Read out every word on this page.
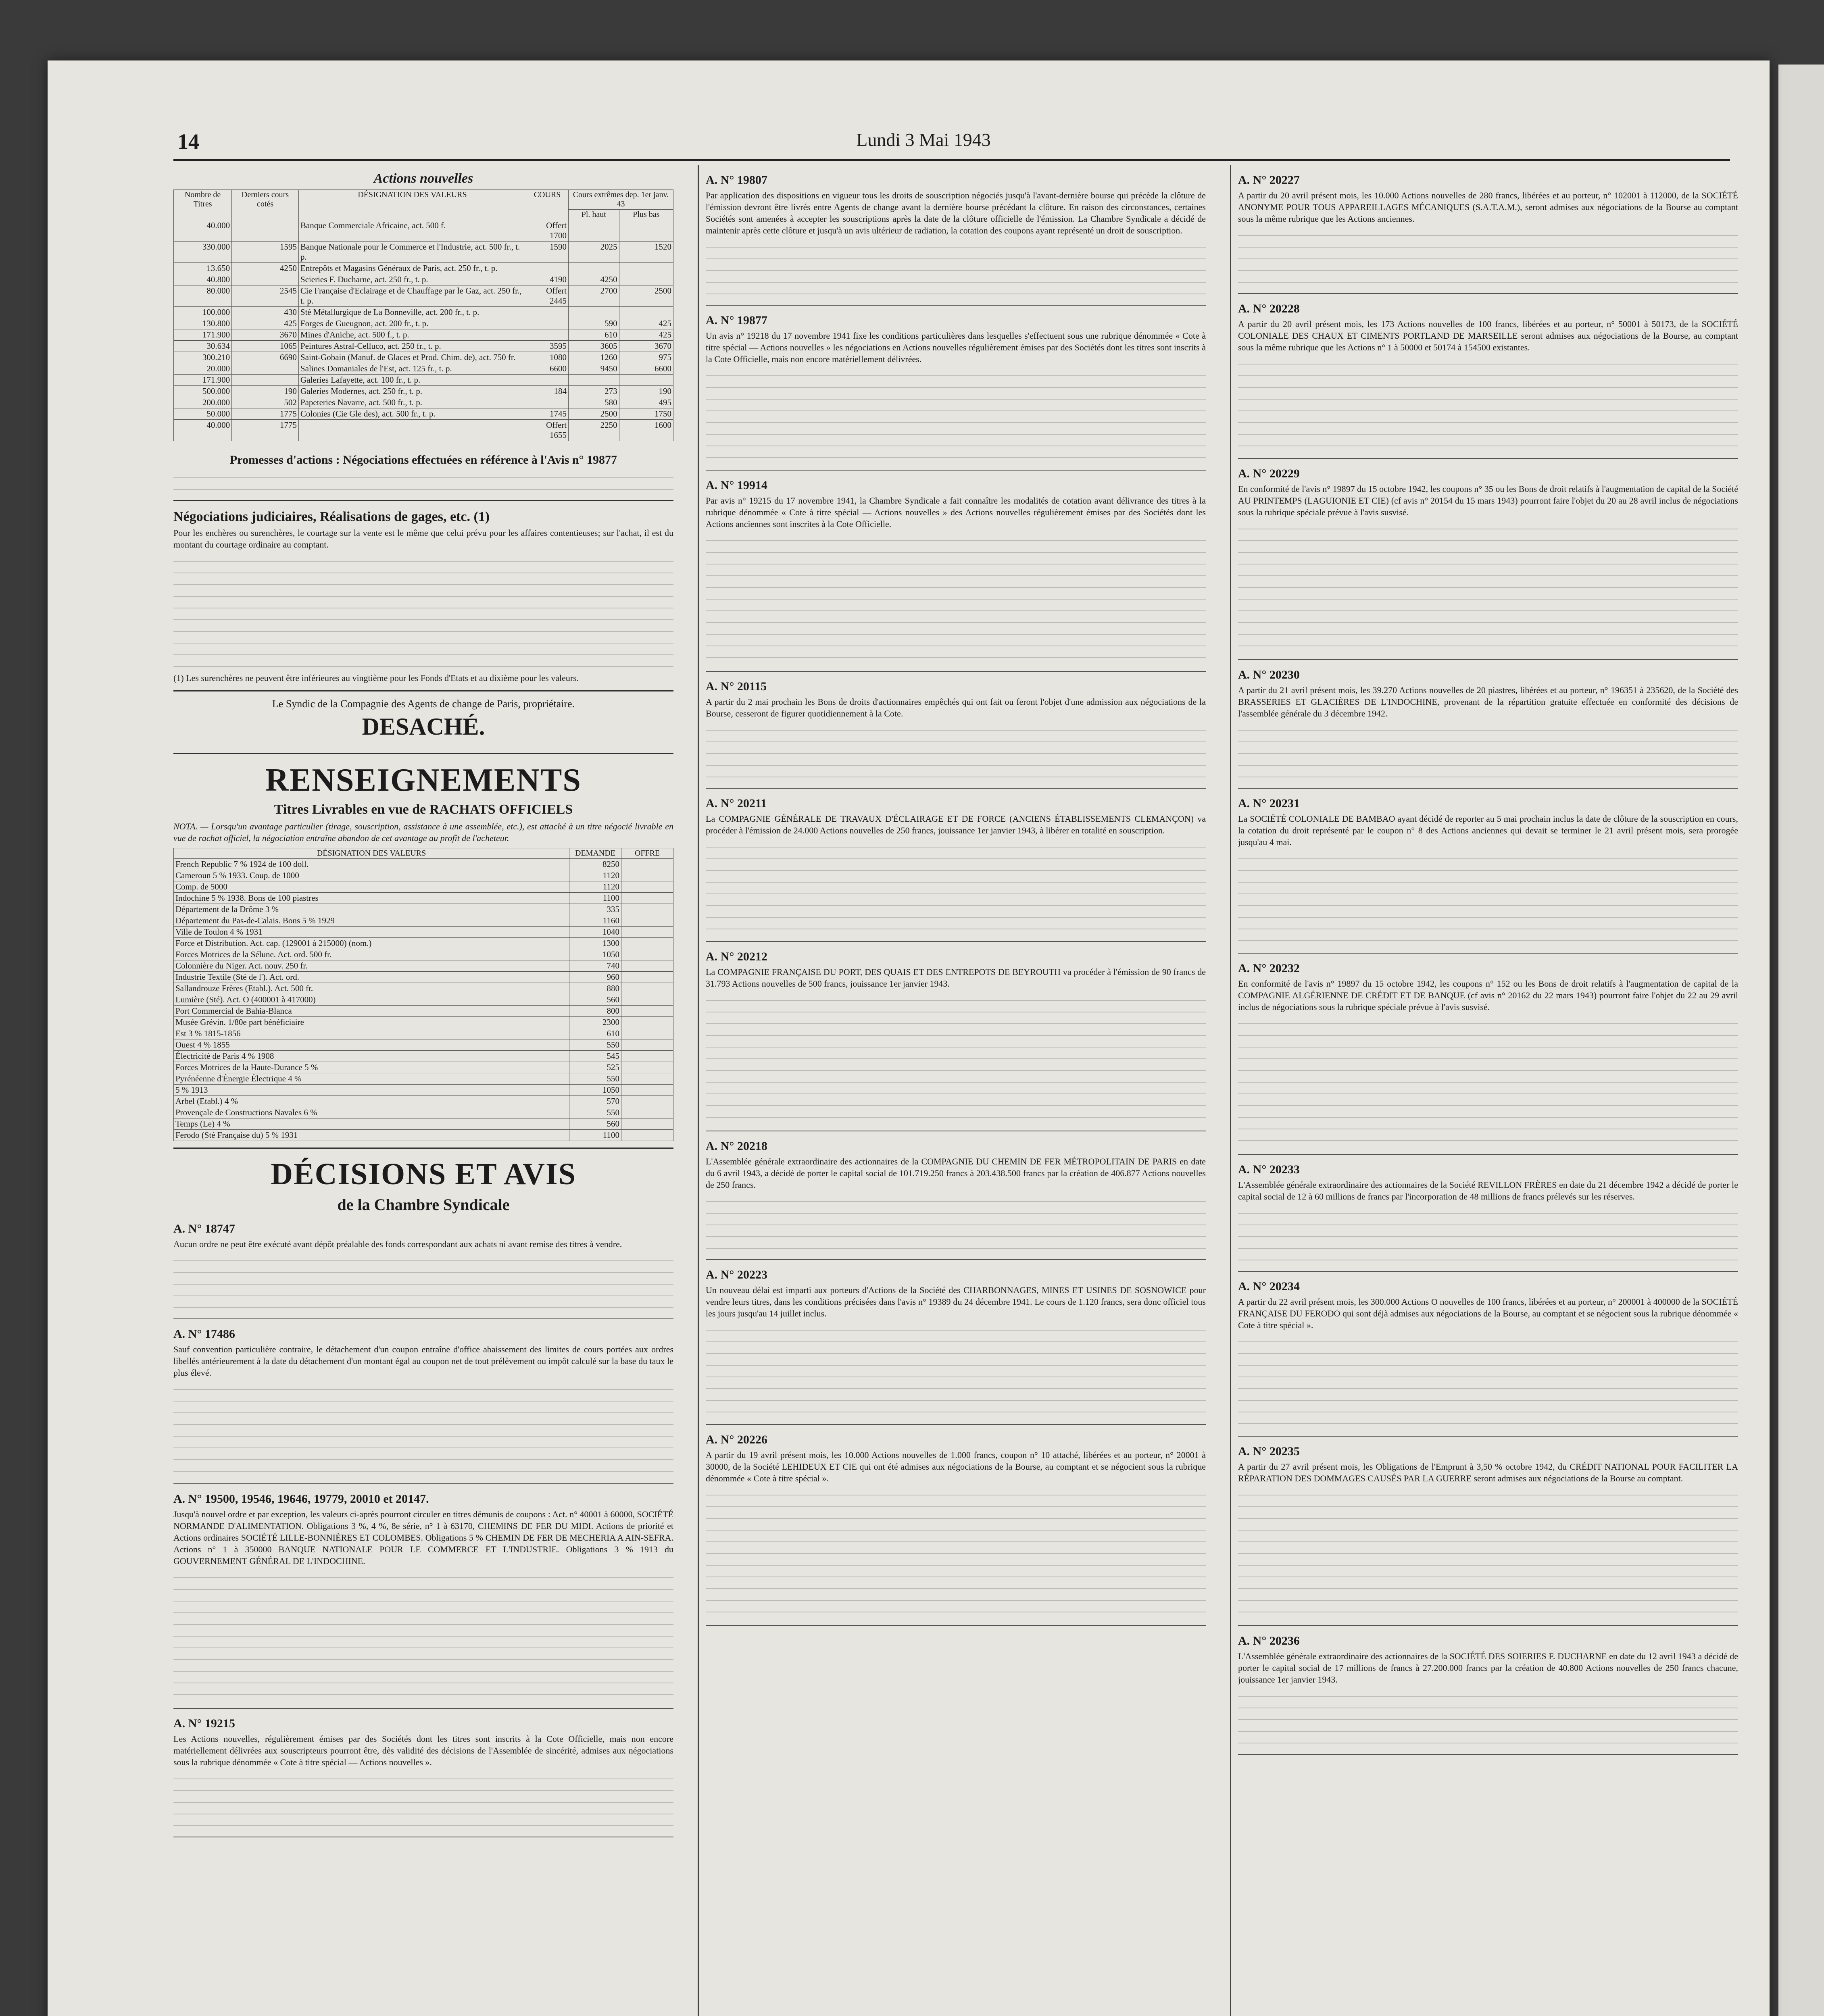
14	Lundi 3 Mai 1943
Actions nouvelles
Nombre de Titres	Derniers cours cotés	DÉSIGNATION DES VALEURS	COURS	Cours extrêmes dep. 1er janv. 43	
				Pl. haut	Plus bas
40.000		Banque Commerciale Africaine, act. 500 f.	Offert 1700		
330.000	1595	Banque Nationale pour le Commerce et l'Industrie, act. 500 fr., t. p.	1590	2025	1520
13.650	4250	Entrepôts et Magasins Généraux de Paris, act. 250 fr., t. p.			
40.800		Scieries F. Ducharne, act. 250 fr., t. p.	4190	4250	
80.000	2545	Cie Française d'Eclairage et de Chauffage par le Gaz, act. 250 fr., t. p.	Offert 2445	2700	2500
100.000	430	Sté Métallurgique de La Bonneville, act. 200 fr., t. p.			
130.800	425	Forges de Gueugnon, act. 200 fr., t. p.		590	425
171.900	3670	Mines d'Aniche, act. 500 f., t. p.		610	425
30.634	1065	Peintures Astral-Celluco, act. 250 fr., t. p.	3595	3605	3670
300.210	6690	Saint-Gobain (Manuf. de Glaces et Prod. Chim. de), act. 750 fr.	1080	1260	975
20.000		Salines Domaniales de l'Est, act. 125 fr., t. p.	6600	9450	6600
171.900		Galeries Lafayette, act. 100 fr., t. p.			
500.000	190	Galeries Modernes, act. 250 fr., t. p.	184	273	190
200.000	502	Papeteries Navarre, act. 500 fr., t. p.		580	495
50.000	1775	Colonies (Cie Gle des), act. 500 fr., t. p.	1745	2500	1750
40.000	1775		Offert 1655	2250	1600
Promesses d'actions : Négociations effectuées en référence à l'Avis n° 19877
Négociations judiciaires, Réalisations de gages, etc. (1)
Pour les enchères ou surenchères, le courtage sur la vente est le même que celui prévu pour les affaires contentieuses; sur l'achat, il est du montant du courtage ordinaire au comptant.
(1) Les surenchères ne peuvent être inférieures au vingtième pour les Fonds d'Etats et au dixième pour les valeurs.
Le Syndic de la Compagnie des Agents de change de Paris, propriétaire.
DESACHÉ.
RENSEIGNEMENTS
Titres Livrables en vue de RACHATS OFFICIELS
NOTA. — Lorsqu'un avantage particulier (tirage, souscription, assistance à une assemblée, etc.), est attaché à un titre négocié livrable en vue de rachat officiel, la négociation entraîne abandon de cet avantage au profit de l'acheteur.
DÉSIGNATION DES VALEURS	DEMANDE	OFFRE
French Republic 7 % 1924 de 100 doll.	8250	
Cameroun 5 % 1933. Coup. de 1000	1120	
Comp. de 5000	1120	
Indochine 5 % 1938. Bons de 100 piastres	1100	
Département de la Drôme 3 %	335	
Département du Pas-de-Calais. Bons 5 % 1929	1160	
Ville de Toulon 4 % 1931	1040	
Force et Distribution. Act. cap. (129001 à 215000) (nom.)	1300	
Forces Motrices de la Sélune. Act. ord. 500 fr.	1050	
Colonnière du Niger. Act. nouv. 250 fr.	740	
Industrie Textile (Sté de l'). Act. ord.	960	
Sallandrouze Frères (Etabl.). Act. 500 fr.	880	
Lumière (Sté). Act. O (400001 à 417000)	560	
Port Commercial de Bahia-Blanca	800	
Musée Grévin. 1/80e part bénéficiaire	2300	
Est 3 % 1815-1856	610	
Ouest 4 % 1855	550	
Électricité de Paris 4 % 1908	545	
Forces Motrices de la Haute-Durance 5 %	525	
Pyrénéenne d'Énergie Électrique 4 %	550	
5 % 1913	1050	
Arbel (Etabl.) 4 %	570	
Provençale de Constructions Navales 6 %	550	
Temps (Le) 4 %	560	
Ferodo (Sté Française du) 5 % 1931	1100	
DÉCISIONS ET AVIS
de la Chambre Syndicale
A. N° 18747
Aucun ordre ne peut être exécuté avant dépôt préalable des fonds correspondant aux achats ni avant remise des titres à vendre.
A. N° 17486
Sauf convention particulière contraire, le détachement d'un coupon entraîne d'office abaissement des limites de cours portées aux ordres libellés antérieurement à la date du détachement d'un montant égal au coupon net de tout prélèvement ou impôt calculé sur la base du taux le plus élevé.
A. N° 19500, 19546, 19646, 19779, 20010 et 20147.
Jusqu'à nouvel ordre et par exception, les valeurs ci-après pourront circuler en titres démunis de coupons : Act. n° 40001 à 60000, SOCIÉTÉ NORMANDE D'ALIMENTATION. Obligations 3 %, 4 %, 8e série, n° 1 à 63170, CHEMINS DE FER DU MIDI. Actions de priorité et Actions ordinaires SOCIÉTÉ LILLE-BONNIÈRES ET COLOMBES. Obligations 5 % CHEMIN DE FER DE MECHERIA A AIN-SEFRA. Actions n° 1 à 350000 BANQUE NATIONALE POUR LE COMMERCE ET L'INDUSTRIE. Obligations 3 % 1913 du GOUVERNEMENT GÉNÉRAL DE L'INDOCHINE.
A. N° 19215
Les Actions nouvelles, régulièrement émises par des Sociétés dont les titres sont inscrits à la Cote Officielle, mais non encore matériellement délivrées aux souscripteurs pourront être, dès validité des décisions de l'Assemblée de sincérité, admises aux négociations sous la rubrique dénommée « Cote à titre spécial — Actions nouvelles ».
A. N° 19807
Par application des dispositions en vigueur tous les droits de souscription négociés jusqu'à l'avant-dernière bourse qui précède la clôture de l'émission devront être livrés entre Agents de change avant la dernière bourse précédant la clôture. En raison des circonstances, certaines Sociétés sont amenées à accepter les souscriptions après la date de la clôture officielle de l'émission. La Chambre Syndicale a décidé de maintenir après cette clôture et jusqu'à un avis ultérieur de radiation, la cotation des coupons ayant représenté un droit de souscription.
A. N° 19877
Un avis n° 19218 du 17 novembre 1941 fixe les conditions particulières dans lesquelles s'effectuent sous une rubrique dénommée « Cote à titre spécial — Actions nouvelles » les négociations en Actions nouvelles régulièrement émises par des Sociétés dont les titres sont inscrits à la Cote Officielle, mais non encore matériellement délivrées.
A. N° 19914
Par avis n° 19215 du 17 novembre 1941, la Chambre Syndicale a fait connaître les modalités de cotation avant délivrance des titres à la rubrique dénommée « Cote à titre spécial — Actions nouvelles » des Actions nouvelles régulièrement émises par des Sociétés dont les Actions anciennes sont inscrites à la Cote Officielle.
A. N° 20115
A partir du 2 mai prochain les Bons de droits d'actionnaires empêchés qui ont fait ou feront l'objet d'une admission aux négociations de la Bourse, cesseront de figurer quotidiennement à la Cote.
A. N° 20211
La COMPAGNIE GÉNÉRALE DE TRAVAUX D'ÉCLAIRAGE ET DE FORCE (ANCIENS ÉTABLISSEMENTS CLEMANÇON) va procéder à l'émission de 24.000 Actions nouvelles de 250 francs, jouissance 1er janvier 1943, à libérer en totalité en souscription.
A. N° 20212
La COMPAGNIE FRANÇAISE DU PORT, DES QUAIS ET DES ENTREPOTS DE BEYROUTH va procéder à l'émission de 90 francs de 31.793 Actions nouvelles de 500 francs, jouissance 1er janvier 1943.
A. N° 20218
L'Assemblée générale extraordinaire des actionnaires de la COMPAGNIE DU CHEMIN DE FER MÉTROPOLITAIN DE PARIS en date du 6 avril 1943, a décidé de porter le capital social de 101.719.250 francs à 203.438.500 francs par la création de 406.877 Actions nouvelles de 250 francs.
A. N° 20223
Un nouveau délai est imparti aux porteurs d'Actions de la Société des CHARBONNAGES, MINES ET USINES DE SOSNOWICE pour vendre leurs titres, dans les conditions précisées dans l'avis n° 19389 du 24 décembre 1941. Le cours de 1.120 francs, sera donc officiel tous les jours jusqu'au 14 juillet inclus.
A. N° 20226
A partir du 19 avril présent mois, les 10.000 Actions nouvelles de 1.000 francs, coupon n° 10 attaché, libérées et au porteur, n° 20001 à 30000, de la Société LEHIDEUX ET CIE qui ont été admises aux négociations de la Bourse, au comptant et se négocient sous la rubrique dénommée « Cote à titre spécial ».
A. N° 20227
A partir du 20 avril présent mois, les 10.000 Actions nouvelles de 280 francs, libérées et au porteur, n° 102001 à 112000, de la SOCIÉTÉ ANONYME POUR TOUS APPAREILLAGES MÉCANIQUES (S.A.T.A.M.), seront admises aux négociations de la Bourse au comptant sous la même rubrique que les Actions anciennes.
A. N° 20228
A partir du 20 avril présent mois, les 173 Actions nouvelles de 100 francs, libérées et au porteur, n° 50001 à 50173, de la SOCIÉTÉ COLONIALE DES CHAUX ET CIMENTS PORTLAND DE MARSEILLE seront admises aux négociations de la Bourse, au comptant sous la même rubrique que les Actions n° 1 à 50000 et 50174 à 154500 existantes.
A. N° 20229
En conformité de l'avis n° 19897 du 15 octobre 1942, les coupons n° 35 ou les Bons de droit relatifs à l'augmentation de capital de la Société AU PRINTEMPS (LAGUIONIE ET CIE) (cf avis n° 20154 du 15 mars 1943) pourront faire l'objet du 20 au 28 avril inclus de négociations sous la rubrique spéciale prévue à l'avis susvisé.
A. N° 20230
A partir du 21 avril présent mois, les 39.270 Actions nouvelles de 20 piastres, libérées et au porteur, n° 196351 à 235620, de la Société des BRASSERIES ET GLACIÈRES DE L'INDOCHINE, provenant de la répartition gratuite effectuée en conformité des décisions de l'assemblée générale du 3 décembre 1942.
A. N° 20231
La SOCIÉTÉ COLONIALE DE BAMBAO ayant décidé de reporter au 5 mai prochain inclus la date de clôture de la souscription en cours, la cotation du droit représenté par le coupon n° 8 des Actions anciennes qui devait se terminer le 21 avril présent mois, sera prorogée jusqu'au 4 mai.
A. N° 20232
En conformité de l'avis n° 19897 du 15 octobre 1942, les coupons n° 152 ou les Bons de droit relatifs à l'augmentation de capital de la COMPAGNIE ALGÉRIENNE DE CRÉDIT ET DE BANQUE (cf avis n° 20162 du 22 mars 1943) pourront faire l'objet du 22 au 29 avril inclus de négociations sous la rubrique spéciale prévue à l'avis susvisé.
A. N° 20233
L'Assemblée générale extraordinaire des actionnaires de la Société REVILLON FRÈRES en date du 21 décembre 1942 a décidé de porter le capital social de 12 à 60 millions de francs par l'incorporation de 48 millions de francs prélevés sur les réserves.
A. N° 20234
A partir du 22 avril présent mois, les 300.000 Actions O nouvelles de 100 francs, libérées et au porteur, n° 200001 à 400000 de la SOCIÉTÉ FRANÇAISE DU FERODO qui sont déjà admises aux négociations de la Bourse, au comptant et se négocient sous la rubrique dénommée « Cote à titre spécial ».
A. N° 20235
A partir du 27 avril présent mois, les Obligations de l'Emprunt à 3,50 % octobre 1942, du CRÉDIT NATIONAL POUR FACILITER LA RÉPARATION DES DOMMAGES CAUSÉS PAR LA GUERRE seront admises aux négociations de la Bourse au comptant.
A. N° 20236
L'Assemblée générale extraordinaire des actionnaires de la SOCIÉTÉ DES SOIERIES F. DUCHARNE en date du 12 avril 1943 a décidé de porter le capital social de 17 millions de francs à 27.200.000 francs par la création de 40.800 Actions nouvelles de 250 francs chacune, jouissance 1er janvier 1943.
